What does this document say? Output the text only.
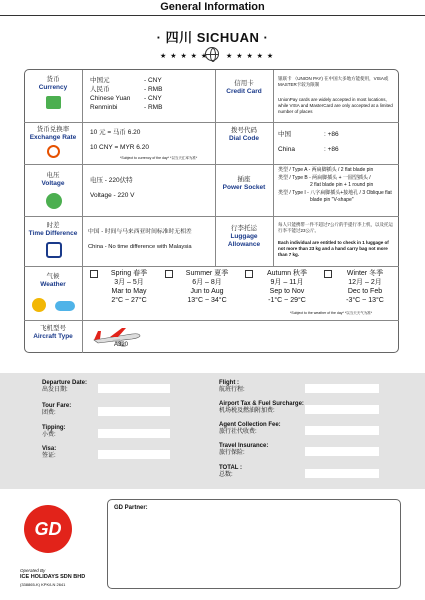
General Information
· 四川 SICHUAN ·
★ ★ ★ ★ ★	★ ★ ★ ★ ★
货币
Currency
中国元	- CNY
人民币	- RMB
Chinese Yuan - CNY
Renminbi	- RMB
信用卡
Credit Card
银联卡 （UNION PAY) 在中国大多地方能使用，VISA或MASTER卡较为限制
UnionPay cards are widely accepted in most locations, while VISA and MasterCard are only accepted at a limited number of places
货币兑换率
Exchange Rate
10 元 = 马币 6.20
10 CNY = MYR 6.20
*Subject to currency of the day* *以当天汇率为准*
拨号代码
Dial Code
中国	: +86
China	: +86
电压
Voltage	电压 - 220伏特
Voltage - 220 V
插座
Power Socket
类型 / Type A - 两扁脚插头 / 2 flat blade pin
类型 / Type B - 两扁脚插头 + 一圆型插头 /
2 flat blade pin + 1 round pin
类型 / Type I - 八字扁脚插头+接地孔 / 3 Oblique flat
blade pin "V-shape"
时差
Time Difference	中国 - 时间与马来西亚时间标准时无相差
China - No time difference with Malaysia
行李托运
Luggage Allowance
每人只能携带一件不超过7公斤的手提行李上机，以及托运行李不能过23公斤。
Each individual are entitled to check in 1 luggage of not more than 23 kg and a hand carry bag not more than 7 kg.
气候
Weather
Spring 春季
3月 – 5月
Mar to May
2°C ~ 27°C
Summer 夏季
6月 – 8月
Jun to Aug
13°C ~ 34°C
Autumn 秋季
9月 – 11月
Sep to Nov
-1°C ~ 29°C
Winter 冬季
12月 – 2月
Dec to Feb
-3°C ~ 13°C
*Subject to the weather of the day* *以当天天气为准*
飞机型号
Aircraft Type
A320
Departure Date:
出发日期:
Tour Fare:
团费:
Tipping:
小费:
Visa:
签证:
Flight :
航班行程:
Airport Tax & Fuel Surcharge:
机场税及燃油附加费:
Agent Collection Fee:
旅行社代收费:
Travel Insurance:
旅行保险:
TOTAL :
总数:
GD Partner:
GD
Operated By
ICE HOLIDAYS SDN BHD
(338865-K) KPK/LN 2641
